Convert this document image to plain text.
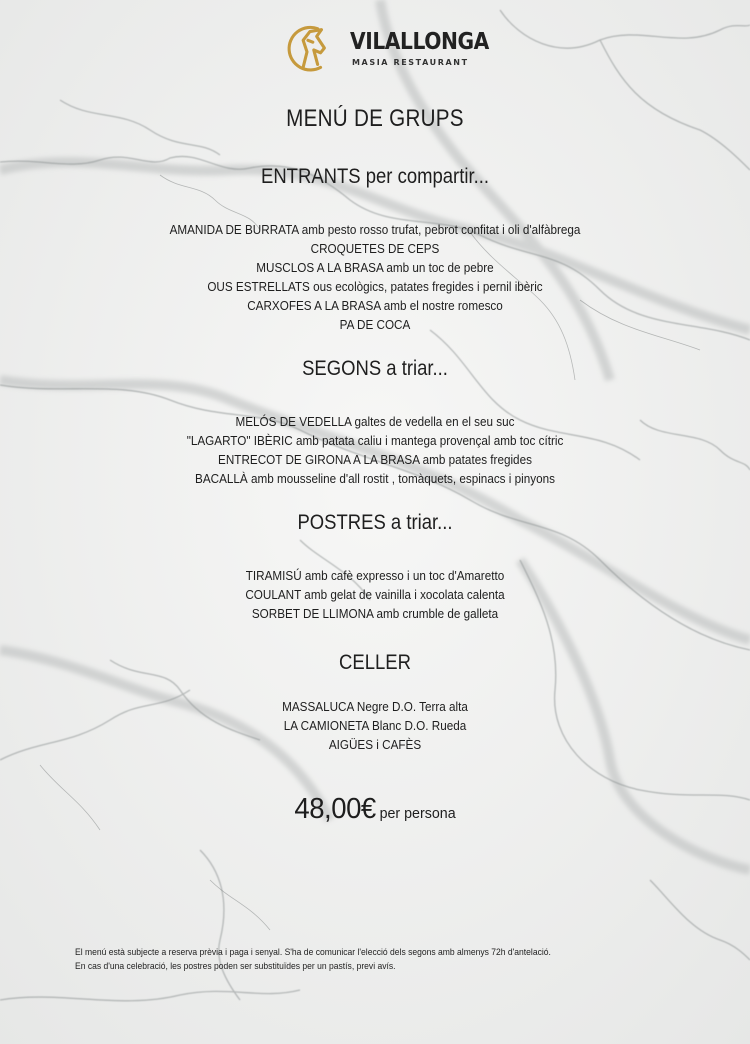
VILALLONGA
MASIA RESTAURANT
MENÚ DE GRUPS
ENTRANTS per compartir...
AMANIDA DE BURRATA amb pesto rosso trufat, pebrot confitat i oli d'alfàbrega
CROQUETES DE CEPS
MUSCLOS A LA BRASA amb un toc de pebre
OUS ESTRELLATS ous ecològics, patates fregides i pernil ibèric
CARXOFES A LA BRASA amb el nostre romesco
PA DE COCA
SEGONS a triar...
MELÓS DE VEDELLA galtes de vedella en el seu suc
"LAGARTO" IBÈRIC amb patata caliu i mantega provençal amb toc cítric
ENTRECOT DE GIRONA A LA BRASA amb patates fregides
BACALLÀ amb mousseline d'all rostit , tomàquets, espinacs i pinyons
POSTRES a triar...
TIRAMISÚ amb cafè expresso i un toc d'Amaretto
COULANT amb gelat de vainilla i xocolata calenta
SORBET DE LLIMONA amb crumble de galleta
CELLER
MASSALUCA Negre D.O. Terra alta
LA CAMIONETA Blanc D.O. Rueda
AIGÜES i CAFÈS
48,00€ per persona
El menú està subjecte a reserva prèvia i paga i senyal. S'ha de comunicar l'elecció dels segons amb almenys 72h d'antelació.
En cas d'una celebració, les postres poden ser substituïdes per un pastís, previ avís.
